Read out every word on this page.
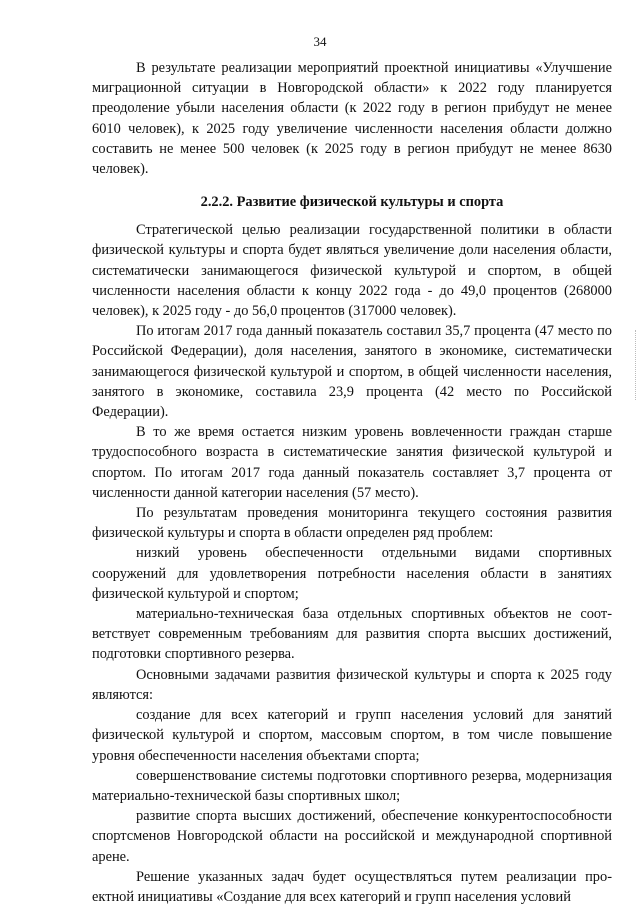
34

В результате реализации мероприятий проектной инициативы «Улучшение миграционной ситуации в Новгородской области» к 2022 году планируется преодоление убыли населения области (к 2022 году в регион прибудут не менее 6010 человек), к 2025 году увеличение численности населения области должно составить не менее 500 человек (к 2025 году в регион прибудут не менее 8630 человек).

2.2.2. Развитие физической культуры и спорта

Стратегической целью реализации государственной политики в области физической культуры и спорта будет являться увеличение доли населения области, систематически занимающегося физической культурой и спортом, в общей численности населения области к концу 2022 года - до 49,0 процентов (268000 человек), к 2025 году - до 56,0 процентов (317000 человек).

По итогам 2017 года данный показатель составил 35,7 процента (47 место по Российской Федерации), доля населения, занятого в экономике, систематически занимающегося физической культурой и спортом, в общей численности населения, занятого в экономике, составила 23,9 процента (42 место по Российской Федерации).

В то же время остается низким уровень вовлеченности граждан старше трудоспособного возраста в систематические занятия физической культурой и спортом. По итогам 2017 года данный показатель составляет 3,7 процента от численности данной категории населения (57 место).

По результатам проведения мониторинга текущего состояния развития физической культуры и спорта в области определен ряд проблем:

низкий уровень обеспеченности отдельными видами спортивных сооружений для удовлетворения потребности населения области в занятиях физической культурой и спортом;

материально-техническая база отдельных спортивных объектов не соответствует современным требованиям для развития спорта высших достижений, подготовки спортивного резерва.

Основными задачами развития физической культуры и спорта к 2025 году являются:

создание для всех категорий и групп населения условий для занятий физической культурой и спортом, массовым спортом, в том числе повышение уровня обеспеченности населения объектами спорта;

совершенствование системы подготовки спортивного резерва, модернизация материально-технической базы спортивных школ;

развитие спорта высших достижений, обеспечение конкурентоспособности спортсменов Новгородской области на российской и международной спортивной арене.

Решение указанных задач будет осуществляться путем реализации проектной инициативы «Создание для всех категорий и групп населения условий
